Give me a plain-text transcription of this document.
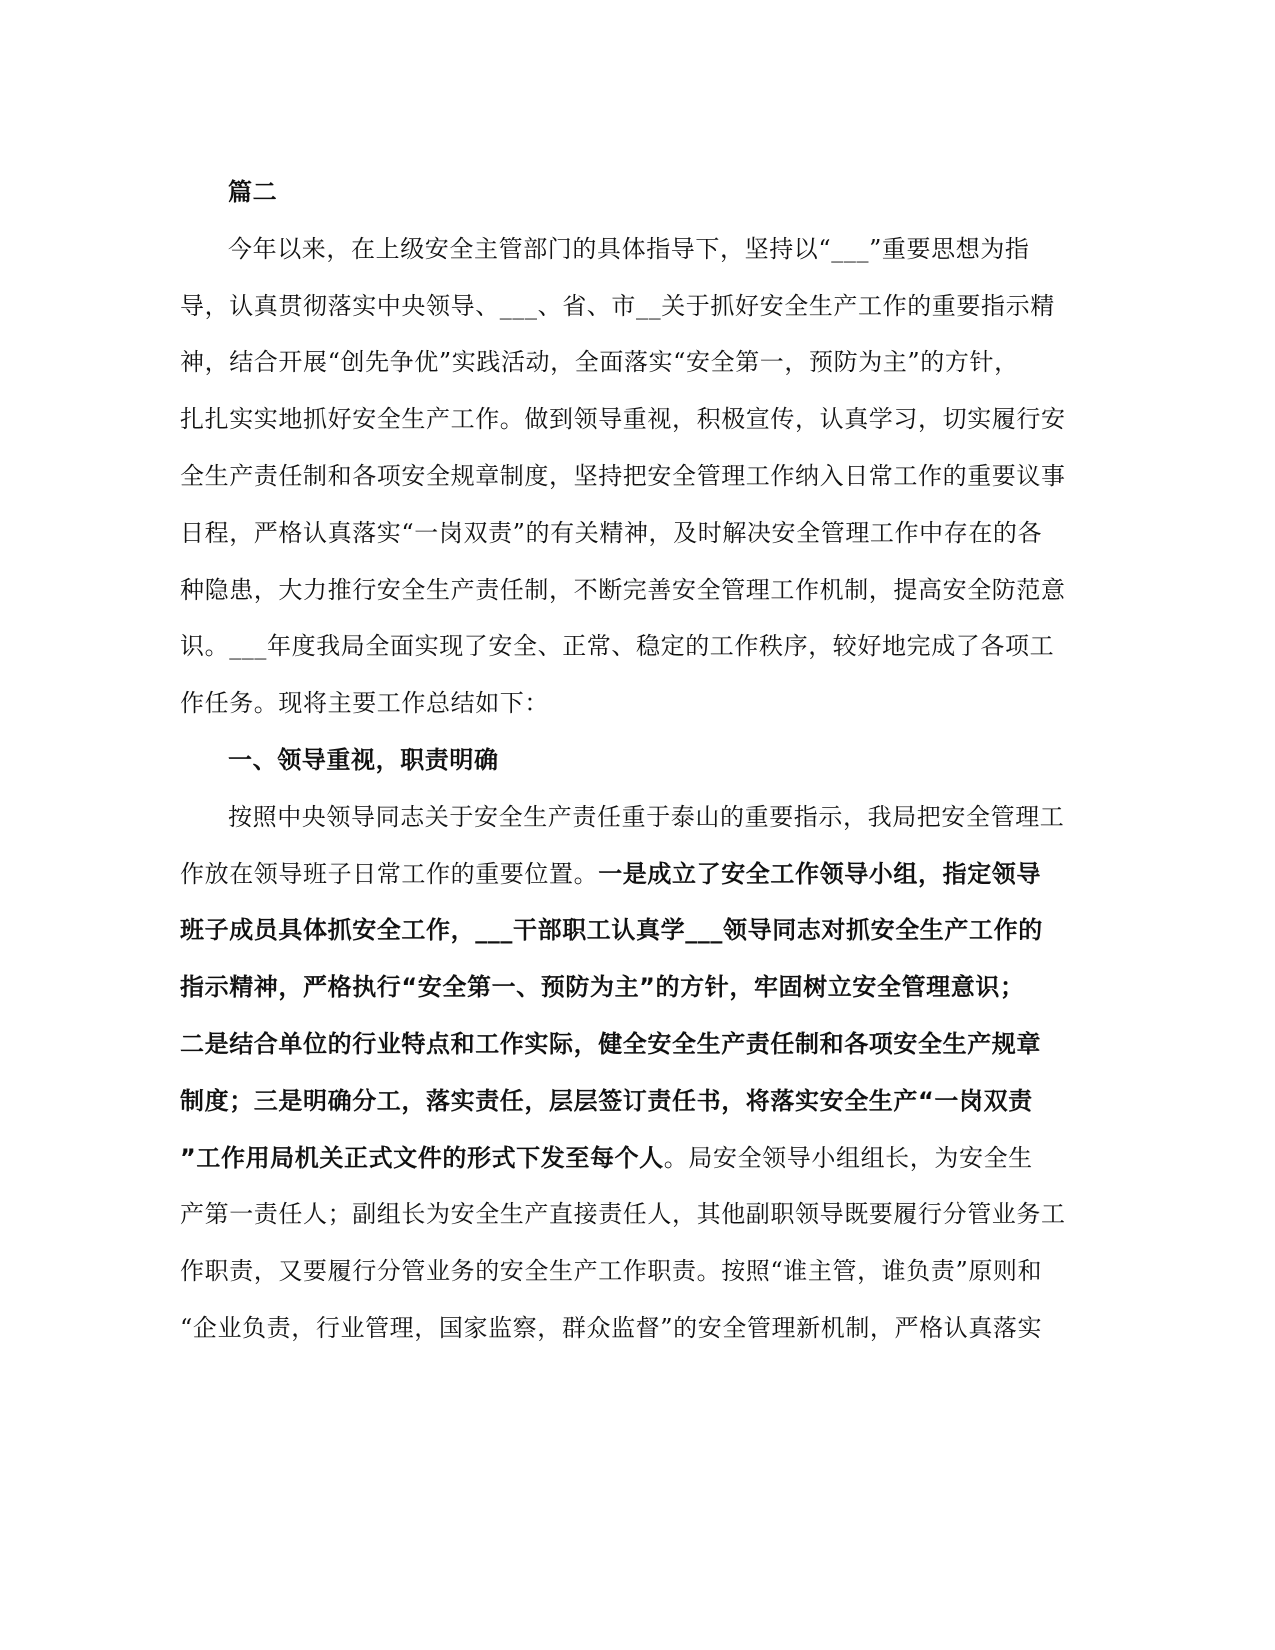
篇二
今年以来，在上级安全主管部门的具体指导下，坚持以“___”重要思想为指
导，认真贯彻落实中央领导、___、省、市__关于抓好安全生产工作的重要指示精
神，结合开展“创先争优”实践活动，全面落实“安全第一，预防为主”的方针，
扎扎实实地抓好安全生产工作。做到领导重视，积极宣传，认真学习，切实履行安
全生产责任制和各项安全规章制度，坚持把安全管理工作纳入日常工作的重要议事
日程，严格认真落实“一岗双责”的有关精神，及时解决安全管理工作中存在的各
种隐患，大力推行安全生产责任制，不断完善安全管理工作机制，提高安全防范意
识。___年度我局全面实现了安全、正常、稳定的工作秩序，较好地完成了各项工
作任务。现将主要工作总结如下：
一、领导重视，职责明确
按照中央领导同志关于安全生产责任重于泰山的重要指示，我局把安全管理工
作放在领导班子日常工作的重要位置。一是成立了安全工作领导小组，指定领导
班子成员具体抓安全工作，___干部职工认真学___领导同志对抓安全生产工作的
指示精神，严格执行“安全第一、预防为主”的方针，牢固树立安全管理意识；
二是结合单位的行业特点和工作实际，健全安全生产责任制和各项安全生产规章
制度；三是明确分工，落实责任，层层签订责任书，将落实安全生产“一岗双责
”工作用局机关正式文件的形式下发至每个人。局安全领导小组组长，为安全生
产第一责任人；副组长为安全生产直接责任人，其他副职领导既要履行分管业务工
作职责，又要履行分管业务的安全生产工作职责。按照“谁主管，谁负责”原则和
“企业负责，行业管理，国家监察，群众监督”的安全管理新机制，严格认真落实
